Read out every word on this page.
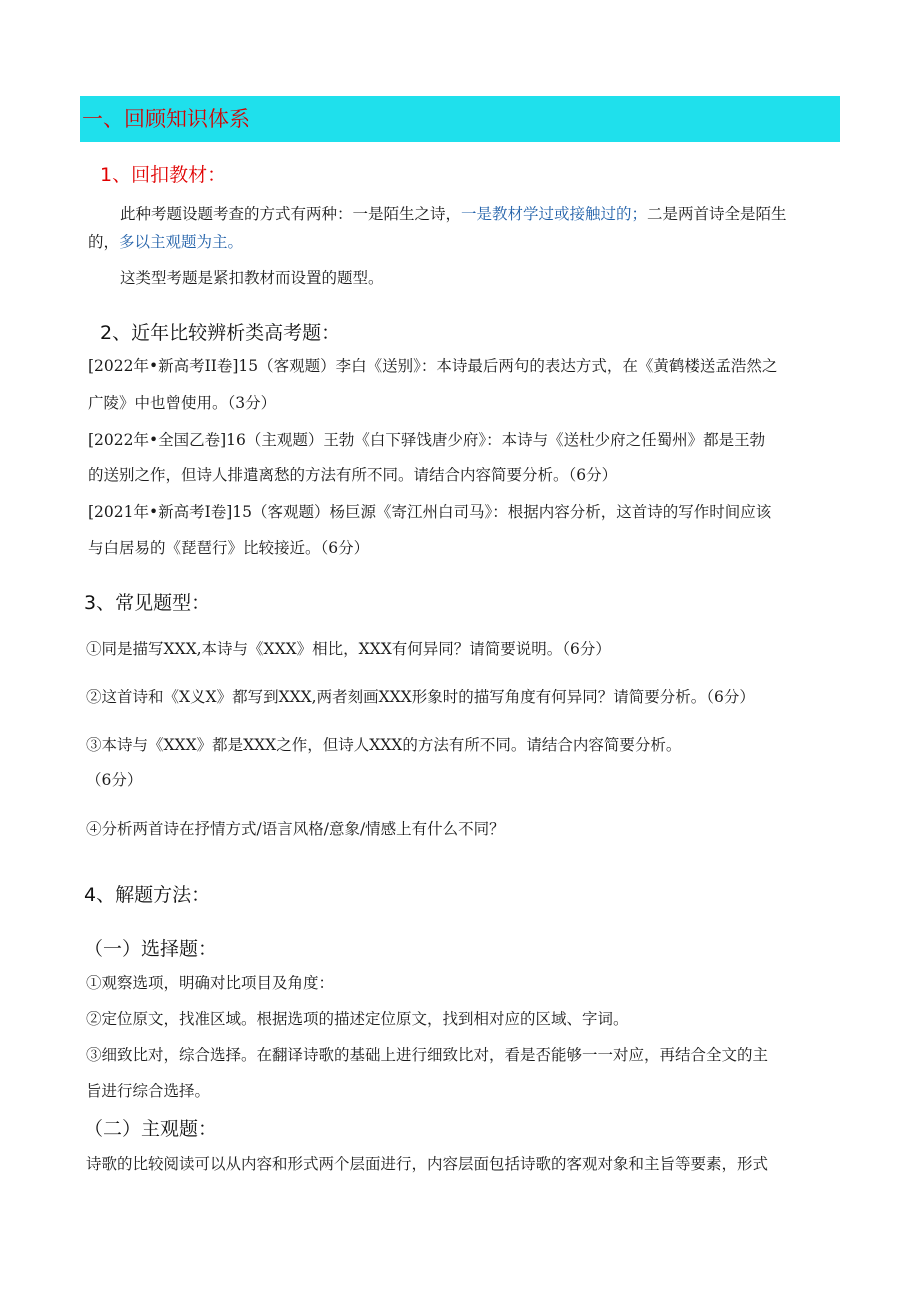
一、回顾知识体系
1、回扣教材：
此种考题设题考查的方式有两种：一是陌生之诗，一是教材学过或接触过的；二是两首诗全是陌生
的，多以主观题为主。
这类型考题是紧扣教材而设置的题型。
2、近年比较辨析类高考题：
[2022年•新高考II卷]15（客观题）李白《送别》：本诗最后两句的表达方式，在《黄鹤楼送孟浩然之
广陵》中也曾使用。（3分）
[2022年•全国乙卷]16（主观题）王勃《白下驿饯唐少府》：本诗与《送杜少府之任蜀州》都是王勃
的送别之作，但诗人排遣离愁的方法有所不同。请结合内容简要分析。（6分）
[2021年•新高考I卷]15（客观题）杨巨源《寄江州白司马》：根据内容分析，这首诗的写作时间应该
与白居易的《琵琶行》比较接近。（6分）
3、常见题型：
①同是描写XXX,本诗与《XXX》相比，XXX有何异同？请简要说明。（6分）
②这首诗和《X义X》都写到XXX,两者刻画XXX形象时的描写角度有何异同？请简要分析。（6分）
③本诗与《XXX》都是XXX之作，但诗人XXX的方法有所不同。请结合内容简要分析。
（6分）
④分析两首诗在抒情方式/语言风格/意象/情感上有什么不同？
4、解题方法：
（一）选择题：
①观察选项，明确对比项目及角度：
②定位原文，找准区域。根据选项的描述定位原文，找到相对应的区域、字词。
③细致比对，综合选择。在翻译诗歌的基础上进行细致比对，看是否能够一一对应，再结合全文的主
旨进行综合选择。
（二）主观题：
诗歌的比较阅读可以从内容和形式两个层面进行，内容层面包括诗歌的客观对象和主旨等要素，形式
